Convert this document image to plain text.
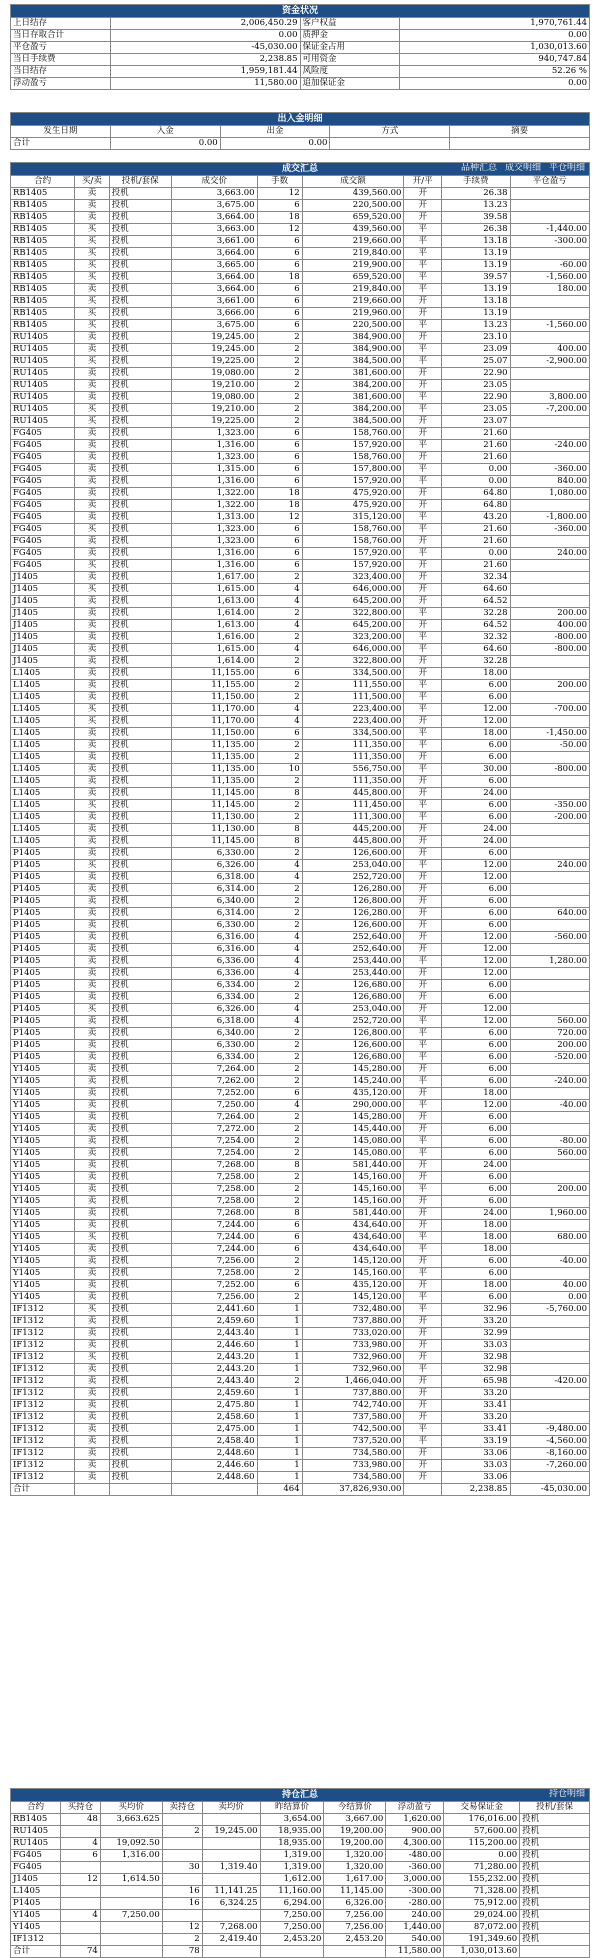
资金状况			
上日结存	2,006,450.29	客户权益	1,970,761.44
当日存取合计	0.00	质押金	0.00
平仓盈亏	-45,030.00	保证金占用	1,030,013.60
当日手续费	2,238.85	可用资金	940,747.84
当日结存	1,959,181.44	风险度	52.26 %
浮动盈亏	11,580.00	追加保证金	0.00
出入金明细				
发生日期	入金	出金	方式	摘要
合计	0.00	0.00		
成交汇总 品种汇总 成交明细 平仓明细								

合约	买/卖	投机/套保	成交价	手数	成交额	开/平	手续费	平仓盈亏
RB1405	卖	投机	3,663.00	12	439,560.00	开	26.38	
RB1405	卖	投机	3,675.00	6	220,500.00	开	13.23	
RB1405	卖	投机	3,664.00	18	659,520.00	开	39.58	
RB1405	买	投机	3,663.00	12	439,560.00	平	26.38	-1,440.00
RB1405	买	投机	3,661.00	6	219,660.00	平	13.18	-300.00
RB1405	买	投机	3,664.00	6	219,840.00	平	13.19	
RB1405	买	投机	3,665.00	6	219,900.00	平	13.19	-60.00
RB1405	买	投机	3,664.00	18	659,520.00	平	39.57	-1,560.00
RB1405	卖	投机	3,664.00	6	219,840.00	平	13.19	180.00
RB1405	买	投机	3,661.00	6	219,660.00	开	13.18	
RB1405	买	投机	3,666.00	6	219,960.00	开	13.19	
RB1405	买	投机	3,675.00	6	220,500.00	平	13.23	-1,560.00
RU1405	卖	投机	19,245.00	2	384,900.00	开	23.10	
RU1405	卖	投机	19,245.00	2	384,900.00	平	23.09	400.00
RU1405	买	投机	19,225.00	2	384,500.00	平	25.07	-2,900.00
RU1405	卖	投机	19,080.00	2	381,600.00	开	22.90	
RU1405	卖	投机	19,210.00	2	384,200.00	开	23.05	
RU1405	卖	投机	19,080.00	2	381,600.00	平	22.90	3,800.00
RU1405	买	投机	19,210.00	2	384,200.00	平	23.05	-7,200.00
RU1405	买	投机	19,225.00	2	384,500.00	开	23.07	
FG405	卖	投机	1,323.00	6	158,760.00	开	21.60	
FG405	卖	投机	1,316.00	6	157,920.00	平	21.60	-240.00
FG405	卖	投机	1,323.00	6	158,760.00	开	21.60	
FG405	卖	投机	1,315.00	6	157,800.00	平	0.00	-360.00
FG405	卖	投机	1,316.00	6	157,920.00	平	0.00	840.00
FG405	卖	投机	1,322.00	18	475,920.00	开	64.80	1,080.00
FG405	卖	投机	1,322.00	18	475,920.00	开	64.80	
FG405	卖	投机	1,313.00	12	315,120.00	平	43.20	-1,800.00
FG405	买	投机	1,323.00	6	158,760.00	平	21.60	-360.00
FG405	卖	投机	1,323.00	6	158,760.00	开	21.60	
FG405	卖	投机	1,316.00	6	157,920.00	平	0.00	240.00
FG405	买	投机	1,316.00	6	157,920.00	开	21.60	
J1405	卖	投机	1,617.00	2	323,400.00	开	32.34	
J1405	买	投机	1,615.00	4	646,000.00	开	64.60	
J1405	卖	投机	1,613.00	4	645,200.00	开	64.52	
J1405	卖	投机	1,614.00	2	322,800.00	平	32.28	200.00
J1405	卖	投机	1,613.00	4	645,200.00	开	64.52	400.00
J1405	卖	投机	1,616.00	2	323,200.00	平	32.32	-800.00
J1405	卖	投机	1,615.00	4	646,000.00	平	64.60	-800.00
J1405	卖	投机	1,614.00	2	322,800.00	开	32.28	
L1405	卖	投机	11,155.00	6	334,500.00	开	18.00	
L1405	卖	投机	11,155.00	2	111,550.00	平	6.00	200.00
L1405	卖	投机	11,150.00	2	111,500.00	平	6.00	
L1405	买	投机	11,170.00	4	223,400.00	平	12.00	-700.00
L1405	买	投机	11,170.00	4	223,400.00	开	12.00	
L1405	卖	投机	11,150.00	6	334,500.00	平	18.00	-1,450.00
L1405	卖	投机	11,135.00	2	111,350.00	平	6.00	-50.00
L1405	卖	投机	11,135.00	2	111,350.00	开	6.00	
L1405	卖	投机	11,135.00	10	556,750.00	平	30.00	-800.00
L1405	卖	投机	11,135.00	2	111,350.00	开	6.00	
L1405	卖	投机	11,145.00	8	445,800.00	开	24.00	
L1405	买	投机	11,145.00	2	111,450.00	平	6.00	-350.00
L1405	卖	投机	11,130.00	2	111,300.00	平	6.00	-200.00
L1405	卖	投机	11,130.00	8	445,200.00	开	24.00	
L1405	卖	投机	11,145.00	8	445,800.00	开	24.00	
P1405	卖	投机	6,330.00	2	126,600.00	开	6.00	
P1405	买	投机	6,326.00	4	253,040.00	平	12.00	240.00
P1405	卖	投机	6,318.00	4	252,720.00	开	12.00	
P1405	卖	投机	6,314.00	2	126,280.00	开	6.00	
P1405	卖	投机	6,340.00	2	126,800.00	开	6.00	
P1405	卖	投机	6,314.00	2	126,280.00	开	6.00	640.00
P1405	卖	投机	6,330.00	2	126,600.00	开	6.00	
P1405	卖	投机	6,316.00	4	252,640.00	开	12.00	-560.00
P1405	卖	投机	6,316.00	4	252,640.00	开	12.00	
P1405	卖	投机	6,336.00	4	253,440.00	平	12.00	1,280.00
P1405	卖	投机	6,336.00	4	253,440.00	开	12.00	
P1405	卖	投机	6,334.00	2	126,680.00	开	6.00	
P1405	卖	投机	6,334.00	2	126,680.00	开	6.00	
P1405	买	投机	6,326.00	4	253,040.00	开	12.00	
P1405	卖	投机	6,318.00	4	252,720.00	平	12.00	560.00
P1405	卖	投机	6,340.00	2	126,800.00	平	6.00	720.00
P1405	卖	投机	6,330.00	2	126,600.00	平	6.00	200.00
P1405	卖	投机	6,334.00	2	126,680.00	平	6.00	-520.00
Y1405	卖	投机	7,264.00	2	145,280.00	开	6.00	
Y1405	卖	投机	7,262.00	2	145,240.00	平	6.00	-240.00
Y1405	卖	投机	7,252.00	6	435,120.00	开	18.00	
Y1405	卖	投机	7,250.00	4	290,000.00	平	12.00	-40.00
Y1405	卖	投机	7,264.00	2	145,280.00	开	6.00	
Y1405	卖	投机	7,272.00	2	145,440.00	开	6.00	
Y1405	卖	投机	7,254.00	2	145,080.00	平	6.00	-80.00
Y1405	卖	投机	7,254.00	2	145,080.00	平	6.00	560.00
Y1405	卖	投机	7,268.00	8	581,440.00	开	24.00	
Y1405	卖	投机	7,258.00	2	145,160.00	开	6.00	
Y1405	卖	投机	7,258.00	2	145,160.00	平	6.00	200.00
Y1405	卖	投机	7,258.00	2	145,160.00	开	6.00	
Y1405	卖	投机	7,268.00	8	581,440.00	开	24.00	1,960.00
Y1405	卖	投机	7,244.00	6	434,640.00	开	18.00	
Y1405	买	投机	7,244.00	6	434,640.00	平	18.00	680.00
Y1405	卖	投机	7,244.00	6	434,640.00	平	18.00	
Y1405	卖	投机	7,256.00	2	145,120.00	开	6.00	-40.00
Y1405	卖	投机	7,258.00	2	145,160.00	平	6.00	
Y1405	卖	投机	7,252.00	6	435,120.00	开	18.00	40.00
Y1405	卖	投机	7,256.00	2	145,120.00	平	6.00	0.00
IF1312	买	投机	2,441.60	1	732,480.00	平	32.96	-5,760.00
IF1312	卖	投机	2,459.60	1	737,880.00	开	33.20	
IF1312	卖	投机	2,443.40	1	733,020.00	开	32.99	
IF1312	卖	投机	2,446.60	1	733,980.00	开	33.03	
IF1312	买	投机	2,443.20	1	732,960.00	开	32.98	
IF1312	卖	投机	2,443.20	1	732,960.00	平	32.98	
IF1312	卖	投机	2,443.40	2	1,466,040.00	开	65.98	-420.00
IF1312	卖	投机	2,459.60	1	737,880.00	开	33.20	
IF1312	卖	投机	2,475.80	1	742,740.00	开	33.41	
IF1312	卖	投机	2,458.60	1	737,580.00	开	33.20	
IF1312	卖	投机	2,475.00	1	742,500.00	平	33.41	-9,480.00
IF1312	卖	投机	2,458.40	1	737,520.00	平	33.19	-4,560.00
IF1312	卖	投机	2,448.60	1	734,580.00	开	33.06	-8,160.00
IF1312	卖	投机	2,446.60	1	733,980.00	开	33.03	-7,260.00
IF1312	卖	投机	2,448.60	1	734,580.00	开	33.06	
合计				464	37,826,930.00		2,238.85	-45,030.00
持仓汇总 持仓明细									

合约	买持仓	买均价	卖持仓	卖均价	昨结算价	今结算价	浮动盈亏	交易保证金	投机/套保
RB1405	48	3,663.625			3,654.00	3,667.00	1,620.00	176,016.00	投机
RU1405			2	19,245.00	18,935.00	19,200.00	900.00	57,600.00	投机
RU1405	4	19,092.50			18,935.00	19,200.00	4,300.00	115,200.00	投机
FG405	6	1,316.00			1,319.00	1,320.00	-480.00	0.00	投机
FG405			30	1,319.40	1,319.00	1,320.00	-360.00	71,280.00	投机
J1405	12	1,614.50			1,612.00	1,617.00	3,000.00	155,232.00	投机
L1405			16	11,141.25	11,160.00	11,145.00	-300.00	71,328.00	投机
P1405			16	6,324.25	6,294.00	6,326.00	-280.00	75,912.00	投机
Y1405	4	7,250.00			7,250.00	7,256.00	240.00	29,024.00	投机
Y1405			12	7,268.00	7,250.00	7,256.00	1,440.00	87,072.00	投机
IF1312			2	2,419.40	2,453.20	2,453.20	540.00	191,349.60	投机
合计	74		78				11,580.00	1,030,013.60	
